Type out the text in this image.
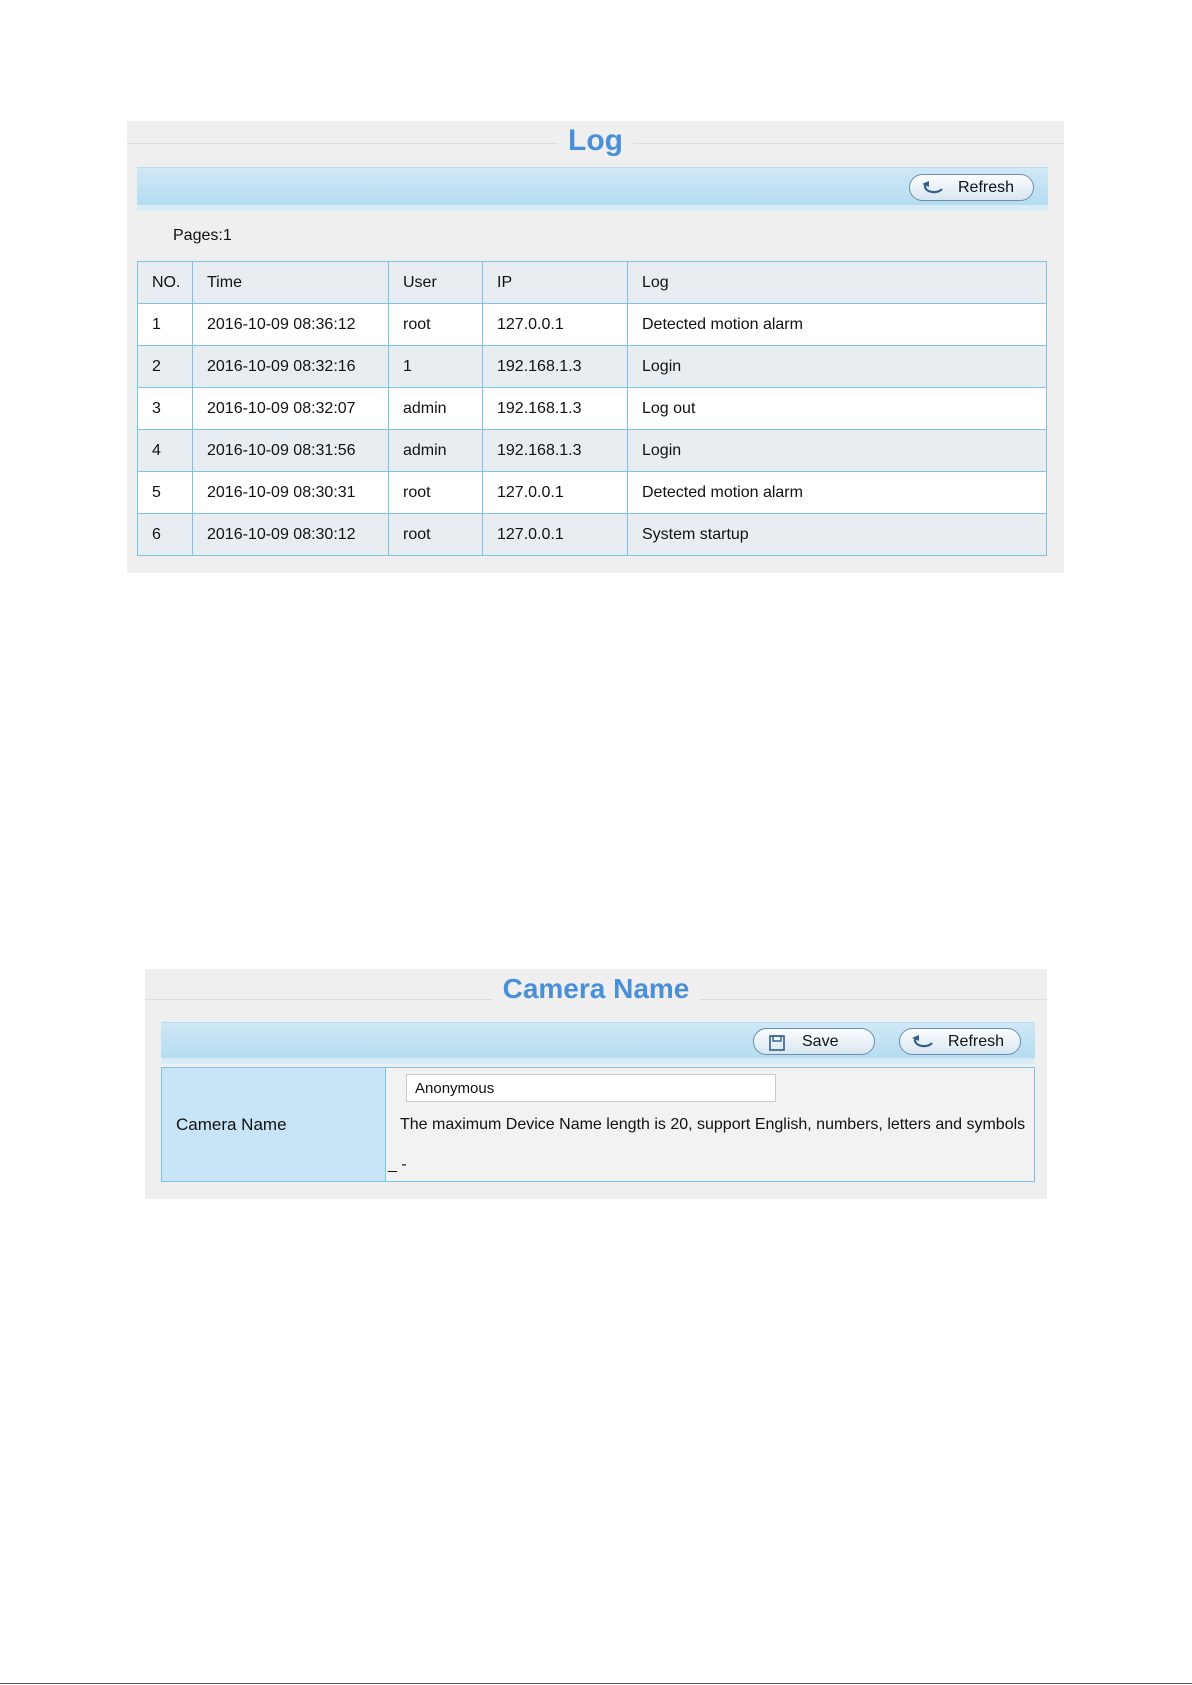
Log
Refresh
Pages:1
NO.	Time	User	IP	Log
1	2016-10-09 08:36:12	root	127.0.0.1	Detected motion alarm
2	2016-10-09 08:32:16	1	192.168.1.3	Login
3	2016-10-09 08:32:07	admin	192.168.1.3	Log out
4	2016-10-09 08:31:56	admin	192.168.1.3	Login
5	2016-10-09 08:30:31	root	127.0.0.1	Detected motion alarm
6	2016-10-09 08:30:12	root	127.0.0.1	System startup
Camera Name
Save	Refresh
Camera Name
Anonymous	The maximum Device Name length is 20, support English, numbers, letters and symbols
_ -
